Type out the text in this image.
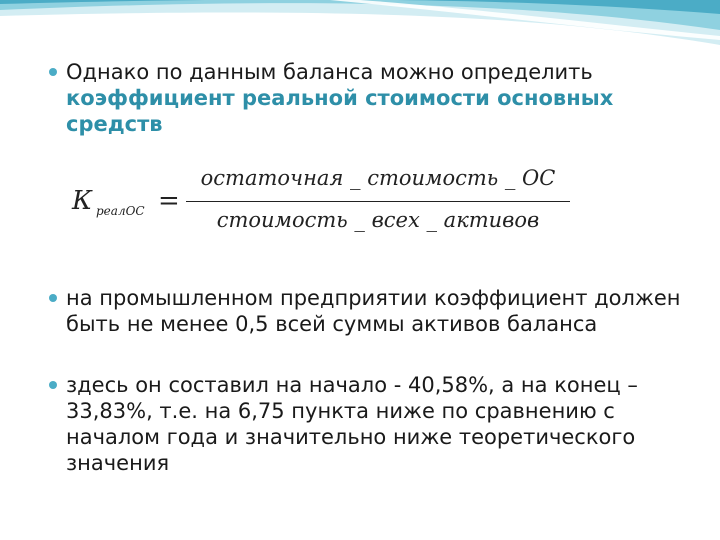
Однако по данным баланса можно определить
коэффициент реальной стоимости основных средств
К реалОС =
остаточная _ стоимость _ ОС
стоимость _ всех _ активов
на промышленном предприятии коэффициент должен быть не менее 0,5 всей суммы активов баланса
здесь он составил на начало - 40,58%, а на конец – 33,83%, т.е. на 6,75 пункта ниже по сравнению с началом года и значительно ниже теоретического значения
